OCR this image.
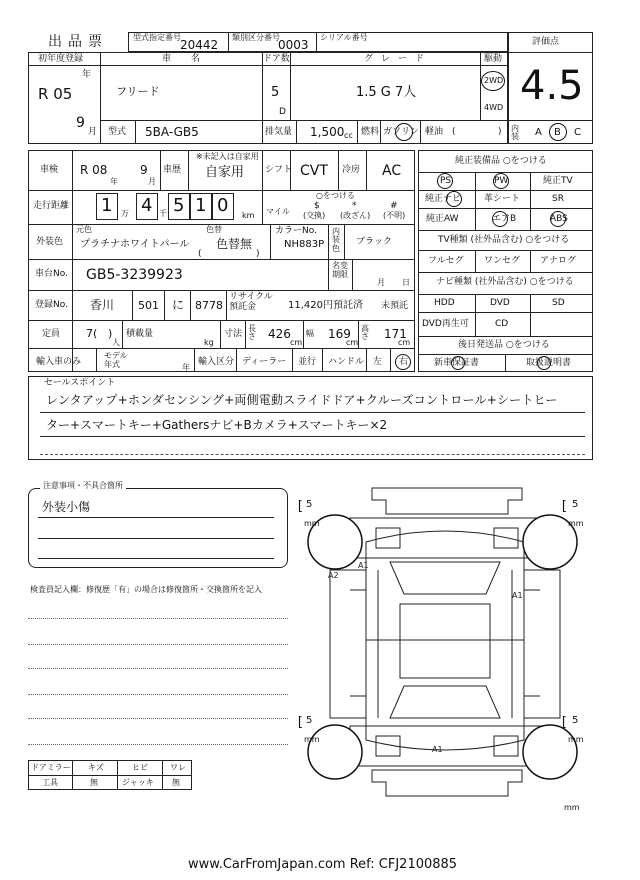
出品票	型式指定番号
20442
類別区分番号
0003
シリアル番号	評価点
4.5
内装 A B C
初年度登録
年
R 05
9
月
車名
フリード
ドア数
5
D
グレード
1.5 G 7人
駆動
2WD
4WD
型式 5BA-GB5	排気量 1,500 cc 燃料 ガソリン 軽油 (	)
車検 R 08
年
9
月
車歴
※未記入は自家用
自家用 シフト CVT 冷房 AC
走行距離 1 万 4 千 5 1 0 km
○をつける
マイル
$
(交換)
*
(改ざん)
#
(不明)
元色
外装色 プラチナホワイトパール
色替
色替無
(	)
カラーNo.
NH883P
内装色
ブラック
車台No. GB5-3239923
名変期限
月 日
登録No. 香川 501 に 8778
リサイクル預託金	11,420円預託済 未預託
定員 7( )
人
積載量
kg
寸法
長さ 426
cm
幅 169
cm
高さ 171
cm
輸入車のみ
モデル年式	年
輸入区分 ディーラー 並行 ハンドル 左 右
純正装備品 ○をつける
PS	PW	純正TV
純正ナビ	革シート	SR
純正AW	エアB	ABS
TV種類 (社外品含む) ○をつける
フルセグ ワンセグ アナログ
ナビ種類 (社外品含む) ○をつける
HDD	DVD	SD
DVD再生可	CD
後日発送品 ○をつける
新車保証書	取扱説明書
セールスポイント
レンタアップ+ホンダセンシング+両側電動スライドドア+クルーズコントロール+シートヒー
ター+スマートキー+Gathersナビ+Bカメラ+スマートキー×2
注意事項・不具合箇所
外装小傷
検査員記入欄：修復歴「有」の場合は修復箇所・交換箇所を記入
ドアミラー キズ	ヒビ	ワレ
工具	無	ジャッキ 無
A1
A2
A1
A1
[ 5
mm
[ 5
mm
[ 5
mm
[ 5
mm
mm
www.CarFromJapan.com Ref: CFJ2100885
